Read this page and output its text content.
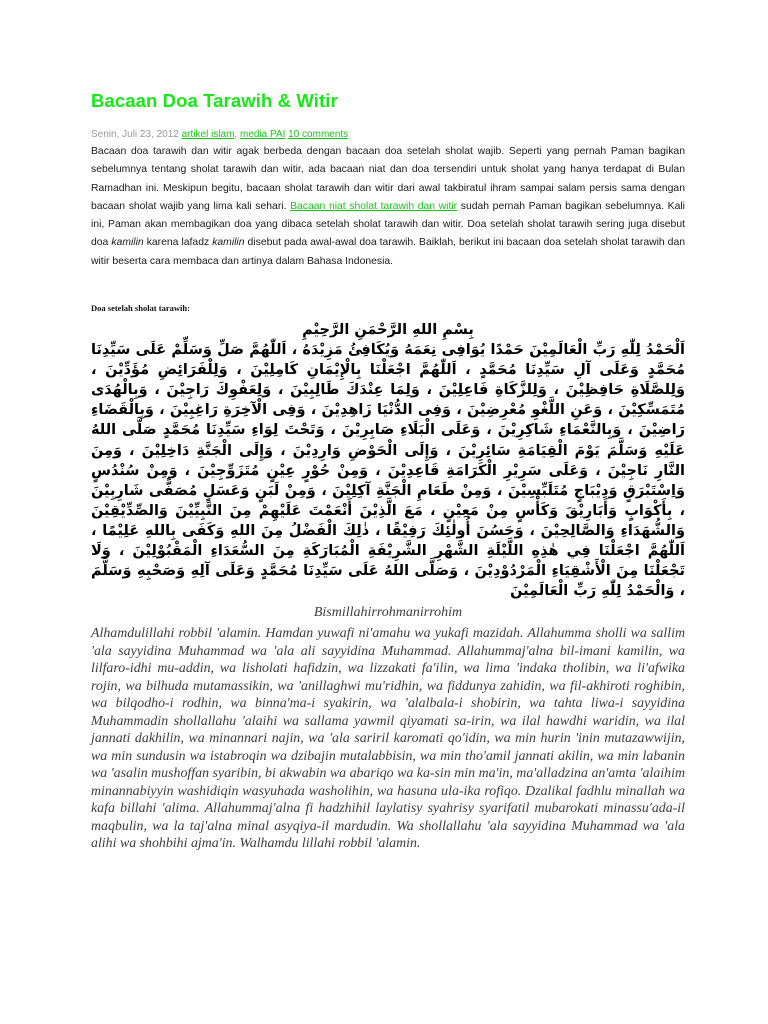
Bacaan Doa Tarawih & Witir
Senin, Juli 23, 2012 artikel islam, media PAI 10 comments
Bacaan doa tarawih dan witir agak berbeda dengan bacaan doa setelah sholat wajib. Seperti yang pernah Paman bagikan sebelumnya tentang sholat tarawih dan witir, ada bacaan niat dan doa tersendiri untuk sholat yang hanya terdapat di Bulan Ramadhan ini. Meskipun begitu, bacaan sholat tarawih dan witir dari awal takbiratul ihram sampai salam persis sama dengan bacaan sholat wajib yang lima kali sehari. Bacaan niat sholat tarawih dan witir sudah pernah Paman bagikan sebelumnya. Kali ini, Paman akan membagikan doa yang dibaca setelah sholat tarawih dan witir. Doa setelah sholat tarawih sering juga disebut doa kamilin karena lafadz kamilin disebut pada awal-awal doa tarawih. Baiklah, berikut ini bacaan doa setelah sholat tarawih dan witir beserta cara membaca dan artinya dalam Bahasa Indonesia.
Doa setelah sholat tarawih:
بِسْمِ اللهِ الرَّحْمَنِ الرَّحِيْمِ
اَلْحَمْدُ لِلّٰهِ رَبِّ الْعَالَمِيْنَ حَمْدًا يُوَافِى نِعَمَهُ وَيُكَافِئُ مَزِيْدَهُ ، اَللّٰهُمَّ صَلِّ وَسَلِّمْ عَلَى سَيِّدِنَا مُحَمَّدٍ وَعَلَى آلِ سَيِّدِنَا مُحَمَّدٍ ، اَللّٰهُمَّ اجْعَلْنَا بِالْإِيْمَانِ كَامِلِيْنَ ، وَلِلْفَرَائِضِ مُؤَدِّيْنَ ، وَلِلصَّلَاةِ حَافِظِيْنَ ، وَلِلزَّكَاةِ فَاعِلِيْنَ ، وَلِمَا عِنْدَكَ طَالِبِيْنَ ، وَلِعَفْوِكَ رَاجِيْنَ ، وَبِالْهُدَى مُتَمَسِّكِيْنَ ، وَعَنِ اللَّغْوِ مُعْرِضِيْنَ ، وَفِى الدُّنْيَا زَاهِدِيْنَ ، وَفِى الْآخِرَةِ رَاغِبِيْنَ ، وَبِالْقَضَاءِ رَاضِيْنَ ، وَبِالنَّعْمَاءِ شَاكِرِيْنَ ، وَعَلَى الْبَلَاءِ صَابِرِيْنَ ، وَتَحْتَ لِوَاءِ سَيِّدِنَا مُحَمَّدٍ صَلَّى اللهُ عَلَيْهِ وَسَلَّمَ يَوْمَ الْقِيَامَةِ سَائِرِيْنَ ، وَإِلَى الْحَوْضِ وَارِدِيْنَ ، وَإِلَى الْجَنَّةِ دَاخِلِيْنَ ، وَمِنَ النَّارِ نَاجِيْنَ ، وَعَلَى سَرِيْرِ الْكَرَامَةِ قَاعِدِيْنَ ، وَمِنْ حُوْرٍ عِيْنٍ مُتَزَوِّجِيْنَ ، وَمِنْ سُنْدُسٍ وَاِسْتَبْرَقٍ وَدِيْبَاجٍ مُتَلَبِّسِيْنَ ، وَمِنْ طَعَامِ الْجَنَّةِ آكِلِيْنَ ، وَمِنْ لَبَنٍ وَعَسَلٍ مُصَفًّى شَارِبِيْنَ ، بِأَكْوَابٍ وَأَبَارِيْقَ وَكَأْسٍ مِنْ مَعِيْنٍ ، مَعَ الَّذِيْنَ أَنْعَمْتَ عَلَيْهِمْ مِنَ النَّبِيِّيْنَ وَالصِّدِّيْقِيْنَ وَالشُّهَدَاءِ وَالصَّالِحِيْنَ ، وَحَسُنَ أُولٰئِكَ رَفِيْقًا ، ذٰلِكَ الْفَضْلُ مِنَ اللهِ وَكَفَى بِاللهِ عَلِيْمًا ، اَللّٰهُمَّ اجْعَلْنَا فِي هٰذِهِ اللَّيْلَةِ الشَّهْرِ الشَّرِيْفَةِ الْمُبَارَكَةِ مِنَ السُّعَدَاءِ الْمَقْبُوْلِيْنَ ، وَلَا تَجْعَلْنَا مِنَ الْأَشْقِيَاءِ الْمَرْدُوْدِيْنَ ، وَصَلَّى اللهُ عَلَى سَيِّدِنَا مُحَمَّدٍ وَعَلَى آلِهِ وَصَحْبِهِ وَسَلَّمَ ، وَالْحَمْدُ لِلّٰهِ رَبِّ الْعَالَمِيْنَ
Bismillahirrohmanirrohim

Alhamdulillahi robbil 'alamin. Hamdan yuwafi ni'amahu wa yukafi mazidah. Allahumma sholli wa sallim 'ala sayyidina Muhammad wa 'ala ali sayyidina Muhammad. Allahummaj'alna bil-imani kamilin, wa lilfaro-idhi mu-addin, wa lisholati hafidzin, wa lizzakati fa'ilin, wa lima 'indaka tholibin, wa li'afwika rojin, wa bilhuda mutamassikin, wa 'anillaghwi mu'ridhin, wa fiddunya zahidin, wa fil-akhiroti roghibin, wa bilqodho-i rodhin, wa binna'ma-i syakirin, wa 'alalbala-i shobirin, wa tahta liwa-i sayyidina Muhammadin shollallahu 'alaihi wa sallama yawmil qiyamati sa-irin, wa ilal hawdhi waridin, wa ilal jannati dakhilin, wa minannari najin, wa 'ala sariril karomati qo'idin, wa min hurin 'inin mutazawwijin, wa min sundusin wa istabroqin wa dzibajin mutalabbisin, wa min tho'amil jannati akilin, wa min labanin wa 'asalin mushoffan syaribin, bi akwabin wa abariqo wa ka-sin min ma'in, ma'alladzina an'amta 'alaihim minannabiyyin washidiqin wasyuhada washolihin, wa hasuna ula-ika rofiqo. Dzalikal fadhlu minallah wa kafa billahi 'alima. Allahummaj'alna fi hadzhihil laylatisy syahrisy syarifatil mubarokati minassu'ada-il maqbulin, wa la taj'alna minal asyqiya-il mardudin. Wa shollallahu 'ala sayyidina Muhammad wa 'ala alihi wa shohbihi ajma'in. Walhamdu lillahi robbil 'alamin.
